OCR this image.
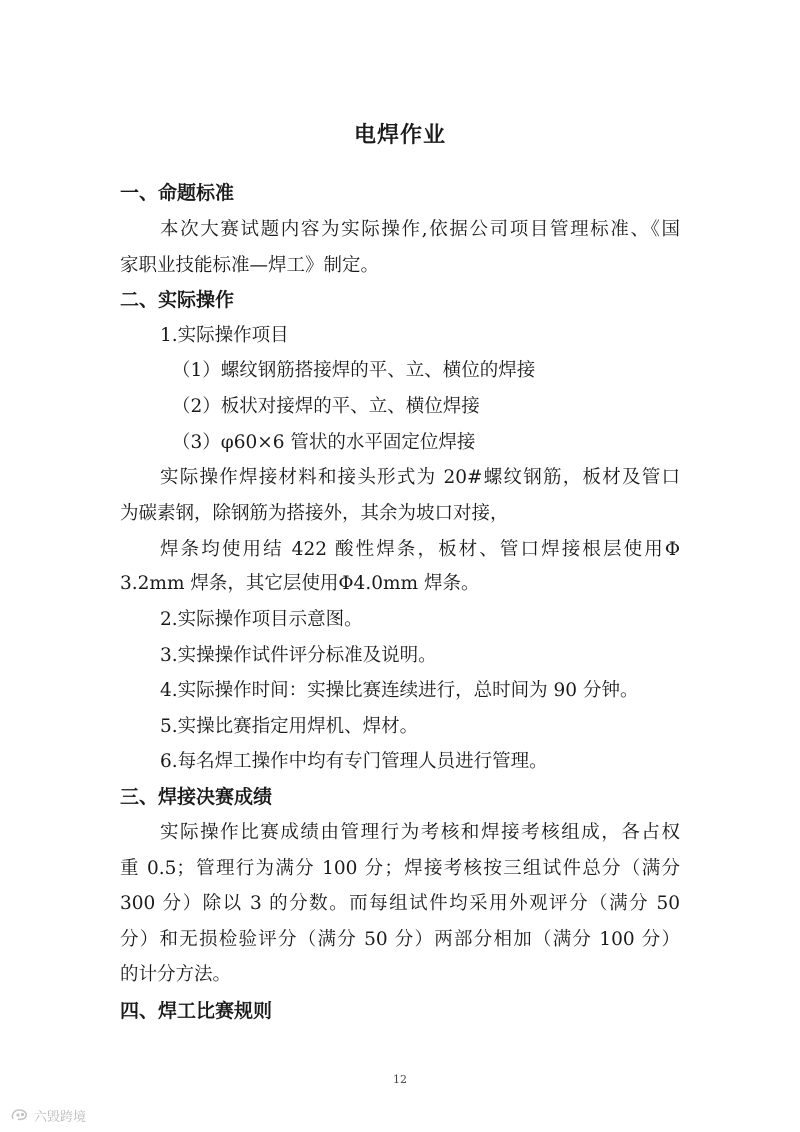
电焊作业
一、命题标准
本次大赛试题内容为实际操作,依据公司项目管理标准、《国
家职业技能标准—焊工》制定。
二、实际操作
1.实际操作项目
（1）螺纹钢筋搭接焊的平、立、横位的焊接
（2）板状对接焊的平、立、横位焊接
（3）φ60×6 管状的水平固定位焊接
实际操作焊接材料和接头形式为 20#螺纹钢筋，板材及管口
为碳素钢，除钢筋为搭接外，其余为坡口对接，
焊条均使用结 422 酸性焊条，板材、管口焊接根层使用Φ
3.2mm 焊条，其它层使用Φ4.0mm 焊条。
2.实际操作项目示意图。
3.实操操作试件评分标准及说明。
4.实际操作时间：实操比赛连续进行，总时间为 90 分钟。
5.实操比赛指定用焊机、焊材。
6.每名焊工操作中均有专门管理人员进行管理。
三、焊接决赛成绩
实际操作比赛成绩由管理行为考核和焊接考核组成，各占权
重 0.5；管理行为满分 100 分；焊接考核按三组试件总分（满分
300 分）除以 3 的分数。而每组试件均采用外观评分（满分 50
分）和无损检验评分（满分 50 分）两部分相加（满分 100 分）
的计分方法。
四、焊工比赛规则
12
六毁跨境
